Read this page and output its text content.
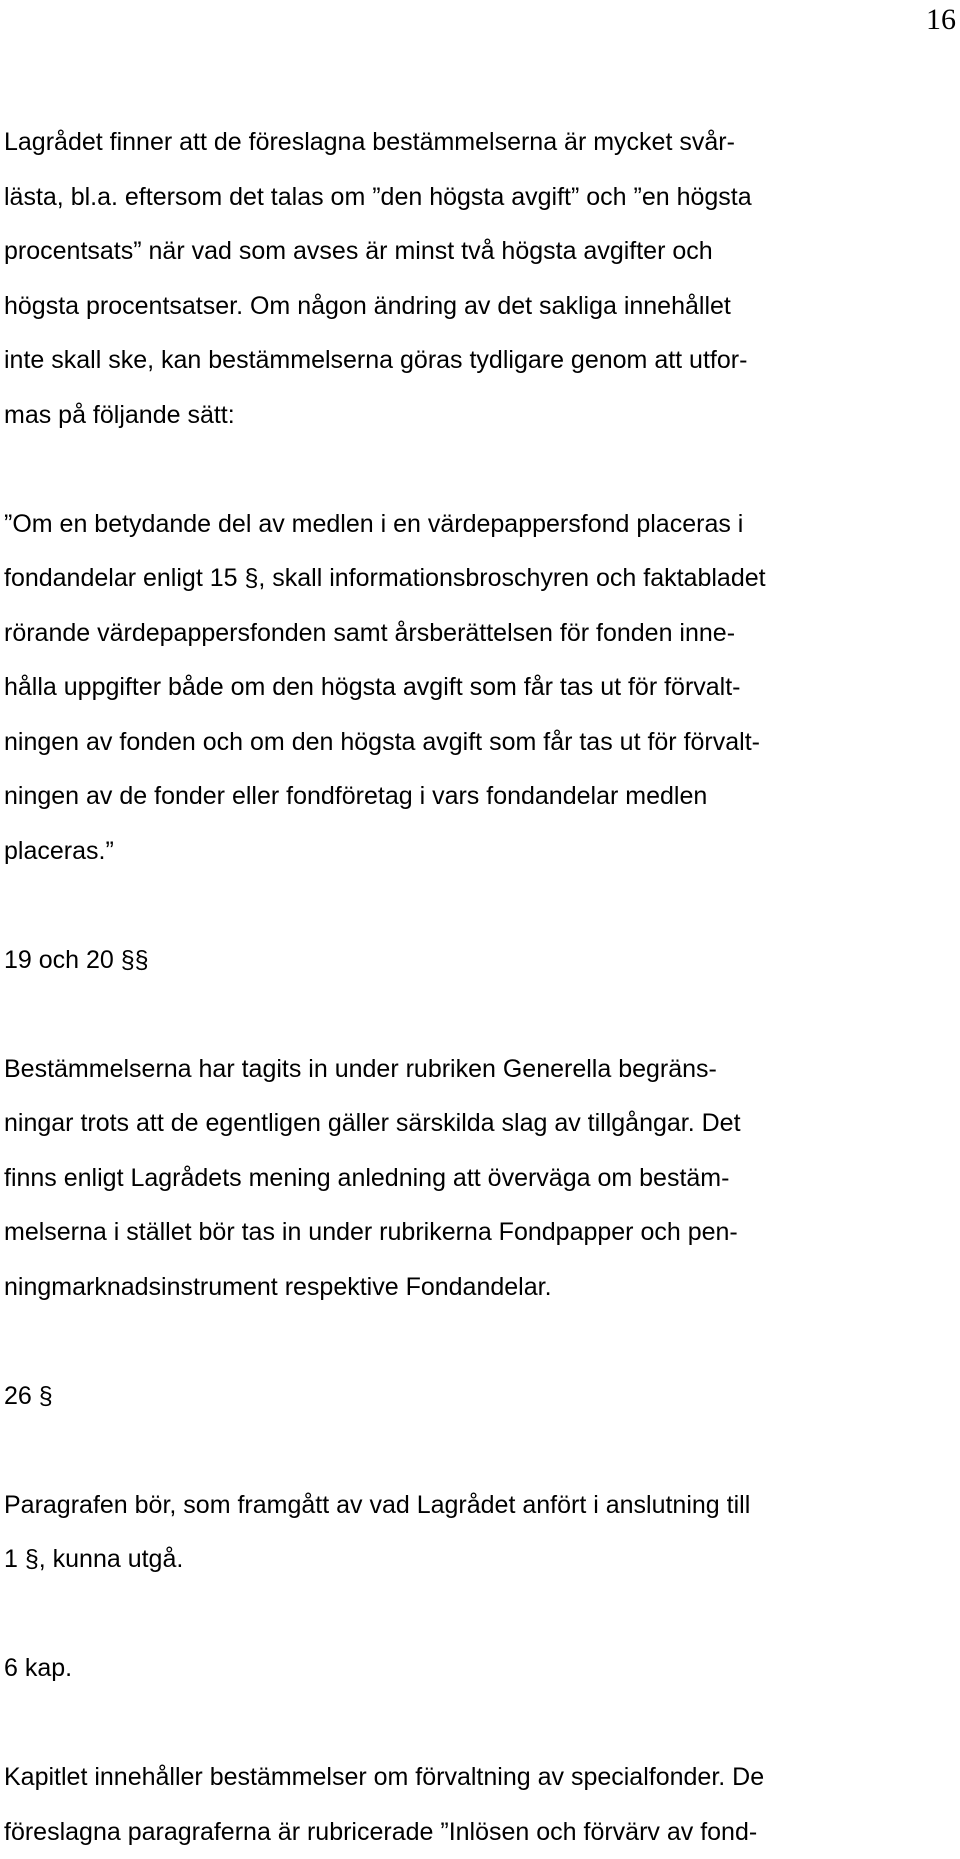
16
Lagrådet finner att de föreslagna bestämmelserna är mycket svår-
lästa, bl.a. eftersom det talas om ”den högsta avgift” och ”en högsta
procentsats” när vad som avses är minst två högsta avgifter och
högsta procentsatser. Om någon ändring av det sakliga innehållet
inte skall ske, kan bestämmelserna göras tydligare genom att utfor-
mas på följande sätt:
”Om en betydande del av medlen i en värdepappersfond placeras i
fondandelar enligt 15 §, skall informationsbroschyren och faktabladet
rörande värdepappersfonden samt årsberättelsen för fonden inne-
hålla uppgifter både om den högsta avgift som får tas ut för förvalt-
ningen av fonden och om den högsta avgift som får tas ut för förvalt-
ningen av de fonder eller fondföretag i vars fondandelar medlen
placeras.”
19 och 20 §§
Bestämmelserna har tagits in under rubriken Generella begräns-
ningar trots att de egentligen gäller särskilda slag av tillgångar. Det
finns enligt Lagrådets mening anledning att överväga om bestäm-
melserna i stället bör tas in under rubrikerna Fondpapper och pen-
ningmarknadsinstrument respektive Fondandelar.
26 §
Paragrafen bör, som framgått av vad Lagrådet anfört i anslutning till
1 §, kunna utgå.
6 kap.
Kapitlet innehåller bestämmelser om förvaltning av specialfonder. De
föreslagna paragraferna är rubricerade ”Inlösen och förvärv av fond-
